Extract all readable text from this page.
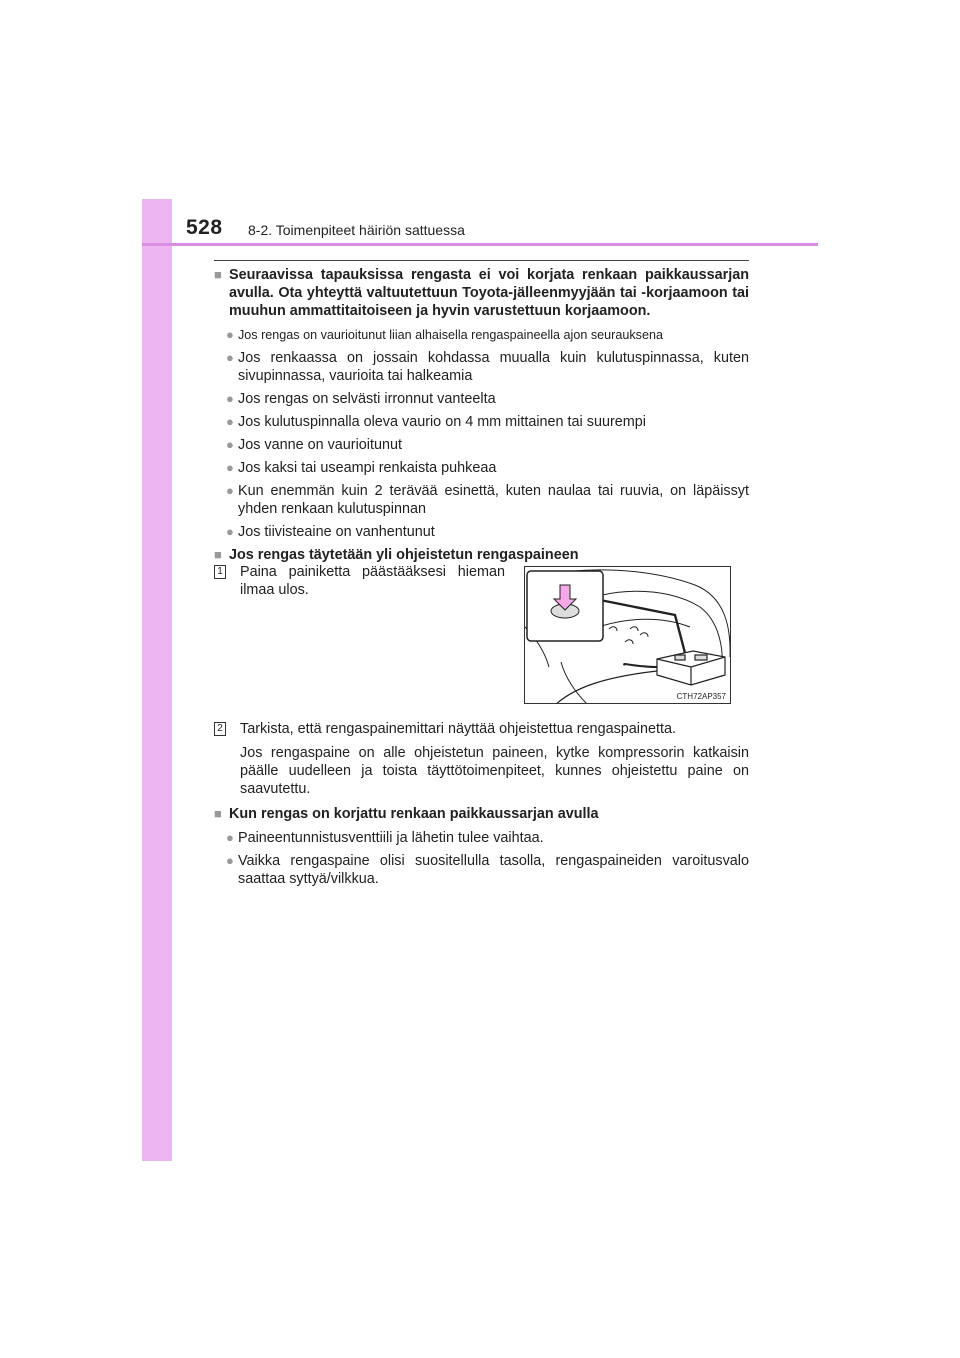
528 8-2. Toimenpiteet häiriön sattuessa
■ Seuraavissa tapauksissa rengasta ei voi korjata renkaan paikkaussarjan avulla. Ota yhteyttä valtuutettuun Toyota-jälleenmyyjään tai -korjaamoon tai muuhun ammattitaitoiseen ja hyvin varustettuun korjaamoon.
● Jos rengas on vaurioitunut liian alhaisella rengaspaineella ajon seurauksena
● Jos renkaassa on jossain kohdassa muualla kuin kulutuspinnassa, kuten sivupinnassa, vaurioita tai halkeamia
● Jos rengas on selvästi irronnut vanteelta
● Jos kulutuspinnalla oleva vaurio on 4 mm mittainen tai suurempi
● Jos vanne on vaurioitunut
● Jos kaksi tai useampi renkaista puhkeaa
● Kun enemmän kuin 2 terävää esinettä, kuten naulaa tai ruuvia, on läpäissyt yhden renkaan kulutuspinnan
● Jos tiivisteaine on vanhentunut
■ Jos rengas täytetään yli ohjeistetun rengaspaineen
1 Paina painiketta päästääksesi hieman ilmaa ulos.
CTH72AP357
2 Tarkista, että rengaspainemittari näyttää ohjeistettua rengaspainetta.

Jos rengaspaine on alle ohjeistetun paineen, kytke kompressorin katkaisin päälle uudelleen ja toista täyttötoimenpiteet, kunnes ohjeistettu paine on saavutettu.

■ Kun rengas on korjattu renkaan paikkaussarjan avulla
● Paineentunnistusventtiili ja lähetin tulee vaihtaa.
● Vaikka rengaspaine olisi suositellulla tasolla, rengaspaineiden varoitusvalo saattaa syttyä/vilkkua.
